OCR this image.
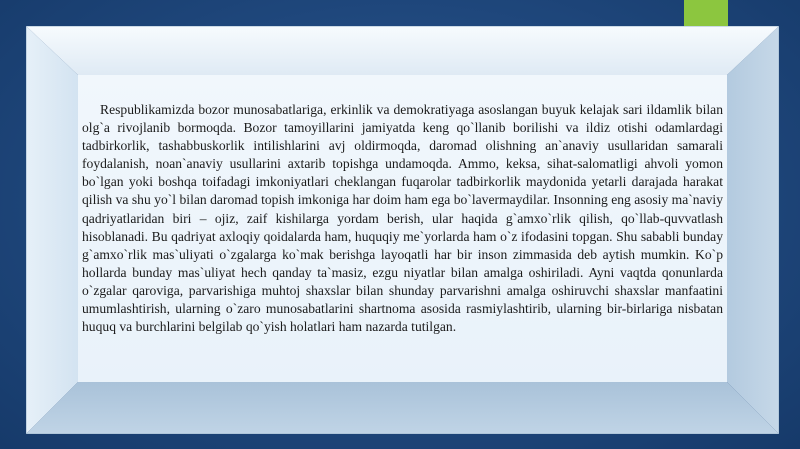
Respublikamizda bozor munosabatlariga, erkinlik va demokratiyaga asoslangan buyuk kelajak sari ildamlik bilan olg`a rivojlanib bormoqda. Bozor tamoyillarini jamiyatda keng qo`llanib borilishi va ildiz otishi odamlardagi tadbirkorlik, tashabbuskorlik intilishlarini avj oldirmoqda, daromad olishning an`anaviy usullaridan samarali foydalanish, noan`anaviy usullarini axtarib topishga undamoqda. Ammo, keksa, sihat-salomatligi ahvoli yomon bo`lgan yoki boshqa toifadagi imkoniyatlari cheklangan fuqarolar tadbirkorlik maydonida yetarli darajada harakat qilish va shu yo`l bilan daromad topish imkoniga har doim ham ega bo`lavermaydilar. Insonning eng asosiy ma`naviy qadriyatlaridan biri – ojiz, zaif kishilarga yordam berish, ular haqida g`amxo`rlik qilish, qo`llab-quvvatlash hisoblanadi. Bu qadriyat axloqiy qoidalarda ham, huquqiy me`yorlarda ham o`z ifodasini topgan. Shu sababli bunday g`amxo`rlik mas`uliyati o`zgalarga ko`mak berishga layoqatli har bir inson zimmasida deb aytish mumkin. Ko`p hollarda bunday mas`uliyat hech qanday ta`masiz, ezgu niyatlar bilan amalga oshiriladi. Ayni vaqtda qonunlarda o`zgalar qaroviga, parvarishiga muhtoj shaxslar bilan shunday parvarishni amalga oshiruvchi shaxslar manfaatini umumlashtirish, ularning o`zaro munosabatlarini shartnoma asosida rasmiylashtirib, ularning bir-birlariga nisbatan huquq va burchlarini belgilab qo`yish holatlari ham nazarda tutilgan.
